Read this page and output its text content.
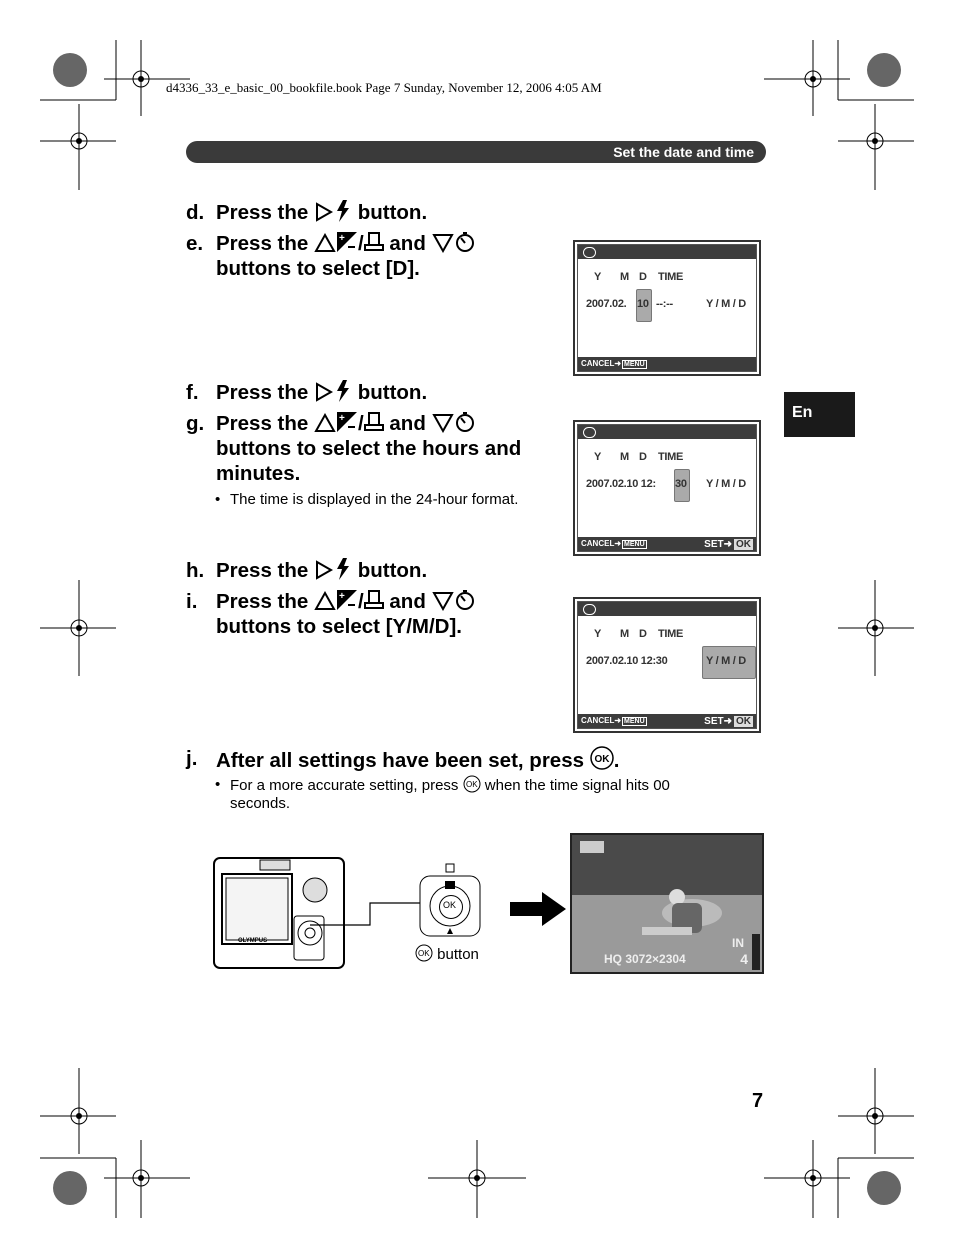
d4336_33_e_basic_00_bookfile.book Page 7 Sunday, November 12, 2006 4:05 AM
Set the date and time
d. Press the  button.
e. Press the	+ / and
buttons to select [D].	Y M D TIME
2007.02. 10 --:--	Y / M / D
CANCEL➜ MENU
f. Press the  button.
g. Press the	+ / and
buttons to select the hours and
minutes.
• The time is displayed in the 24-hour format.
Y M D TIME
2007.02.10 12: 30 Y / M / D
CANCEL➜ MENU	SET➜ OK
h. Press the  button.
i. Press the	+ / and
buttons to select [Y/M/D].	Y M D TIME
2007.02.10 12:30	Y / M / D
CANCEL➜ MENU	SET➜ OK
j. After all settings have been set, press OK .
• For a more accurate setting, press OK when the time signal hits 00
seconds.
OLYMPUS
OK
OK button
IN
HQ 3072×2304	4
En
7
